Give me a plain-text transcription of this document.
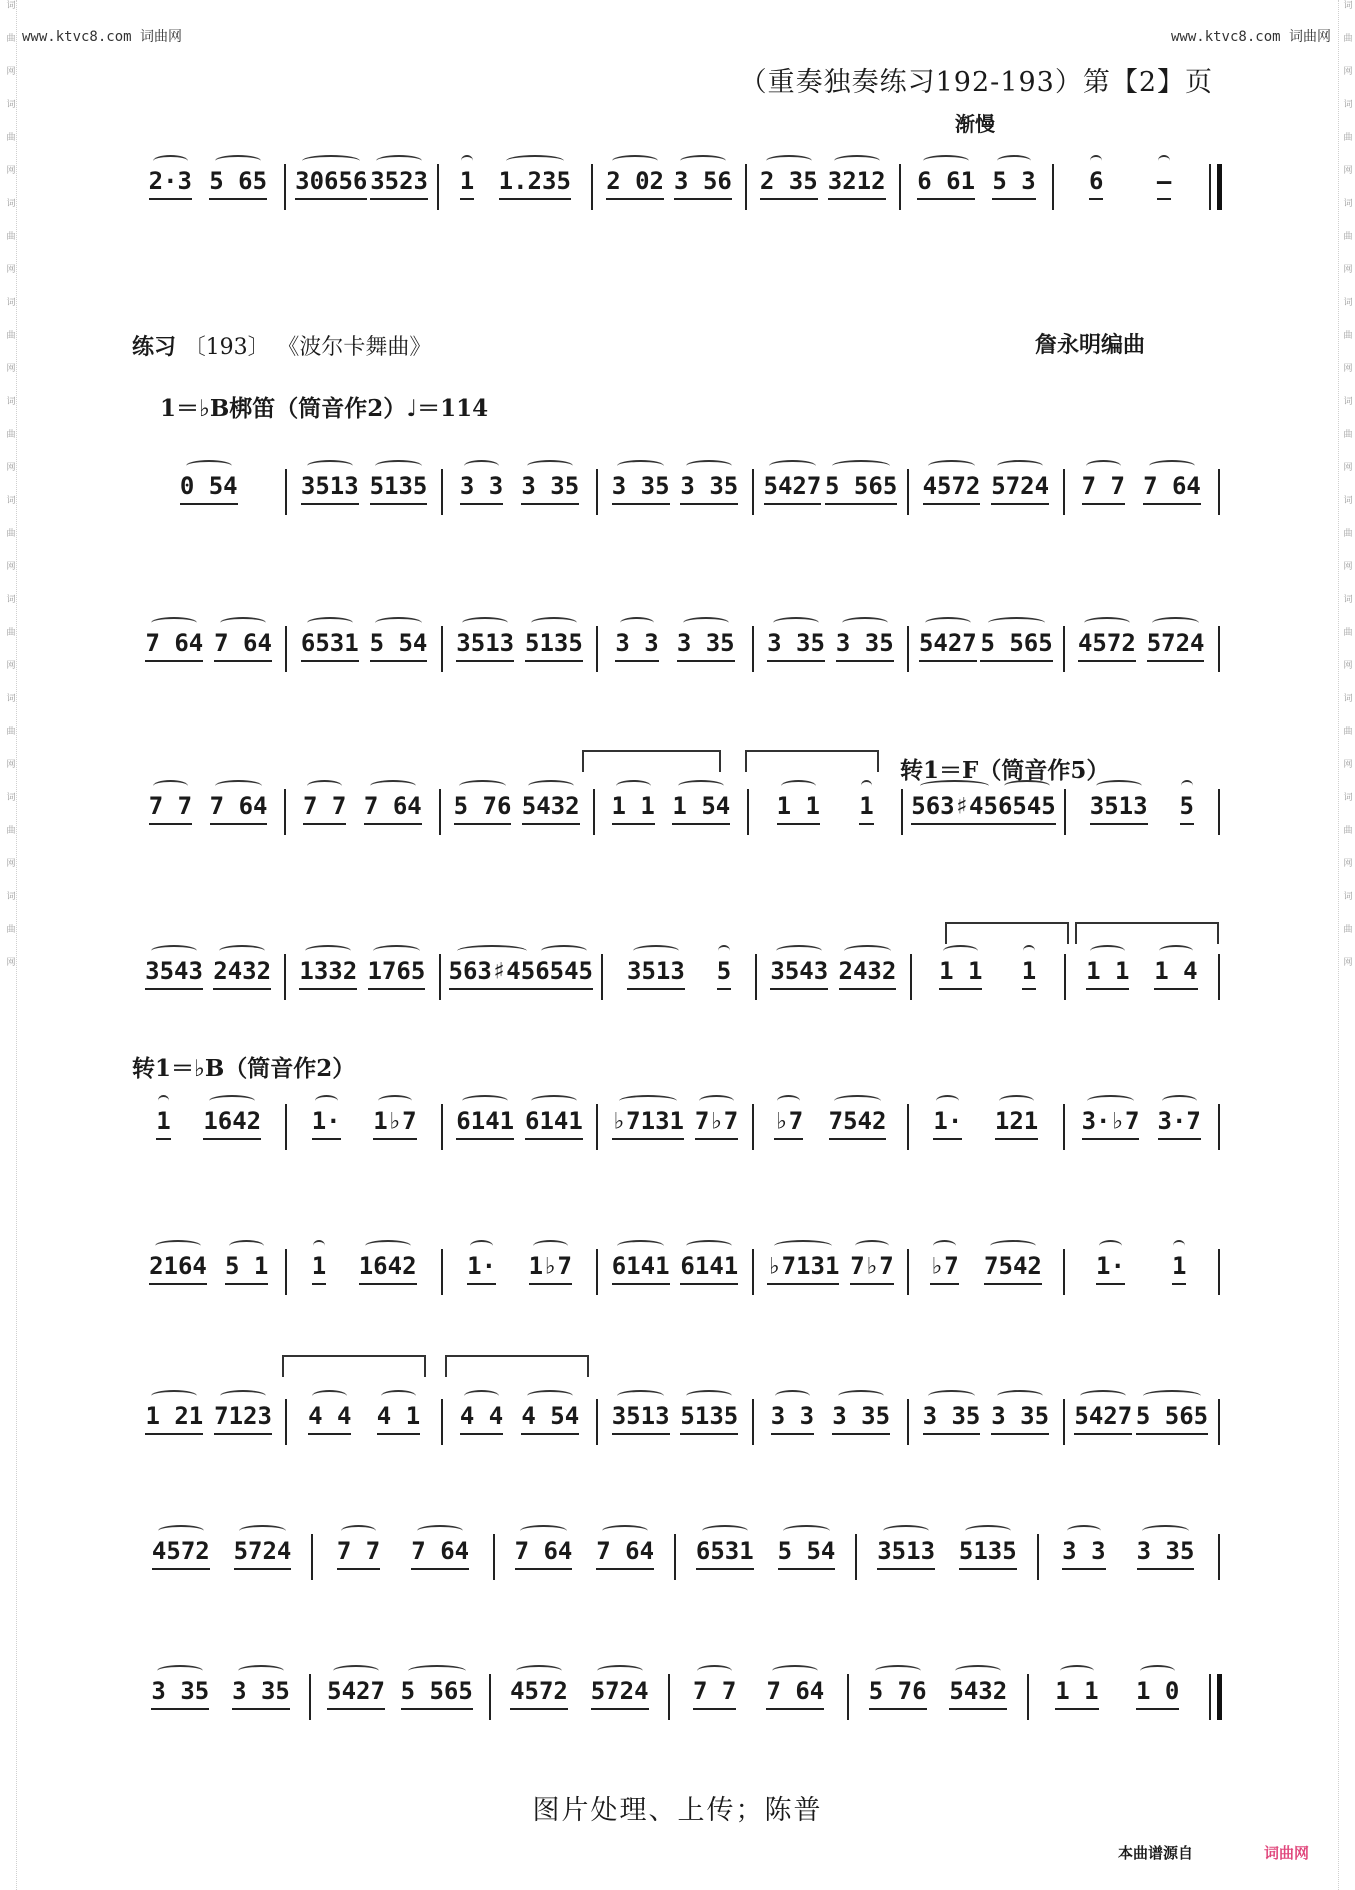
词
曲
网
词
曲
网
词
曲
网
词
曲
网
词
曲
网
词
曲
网
词
曲
网
词
曲
网
词
曲
网
词
曲
网
词
曲
网
词
曲
网
词
曲
网
词
曲
网
词
曲
网
词
曲
网
词
曲
网
词
曲
网
词
曲
网
词
曲
网
www.ktvc8.com 词曲网	www.ktvc8.com 词曲网
（重奏独奏练习192-193）第【2】页
渐慢
练习 〔193〕 《波尔卡舞曲》	詹永明编曲
1＝♭B梆笛（筒音作2）♩＝114
转1＝F（筒音作5）
转1＝♭B（筒音作2）
2·3 5 65 30656 3523 1 1.235 2 02 3 56 2 35 3212 6 61 5 3 6 –
0 54	3513 5135 3 3 3 35 3 35 3 35 5427 5 565 4572 5724 7 7 7 64
7 64 7 64 6531 5 54 3513 5135 3 3 3 35 3 35 3 35 5427 5 565 4572 5724
7 7 7 64 7 7 7 64 5 76 5432 1 1 1 54 1 1 1 563♯45 6545 3513 5
3543 2432 1332 1765 563♯45 6545 3513 5 3543 2432 1 1 1 1 1 1 4
1 1642 1· 1♭7 6141 6141 ♭7131 7♭7 ♭7 7542 1· 121 3·♭7 3·7
2164 5 1 1 1642 1· 1♭7 6141 6141 ♭7131 7♭7 ♭7 7542 1· 1
1 21 7123 4 4 4 1 4 4 4 54 3513 5135 3 3 3 35 3 35 3 35 5427 5 565
4572 5724 7 7 7 64 7 64 7 64 6531 5 54 3513 5135 3 3 3 35
3 35 3 35 5427 5 565 4572 5724 7 7 7 64 5 76 5432 1 1 1 0
图片处理、上传；陈普
本曲谱源自	词曲网
